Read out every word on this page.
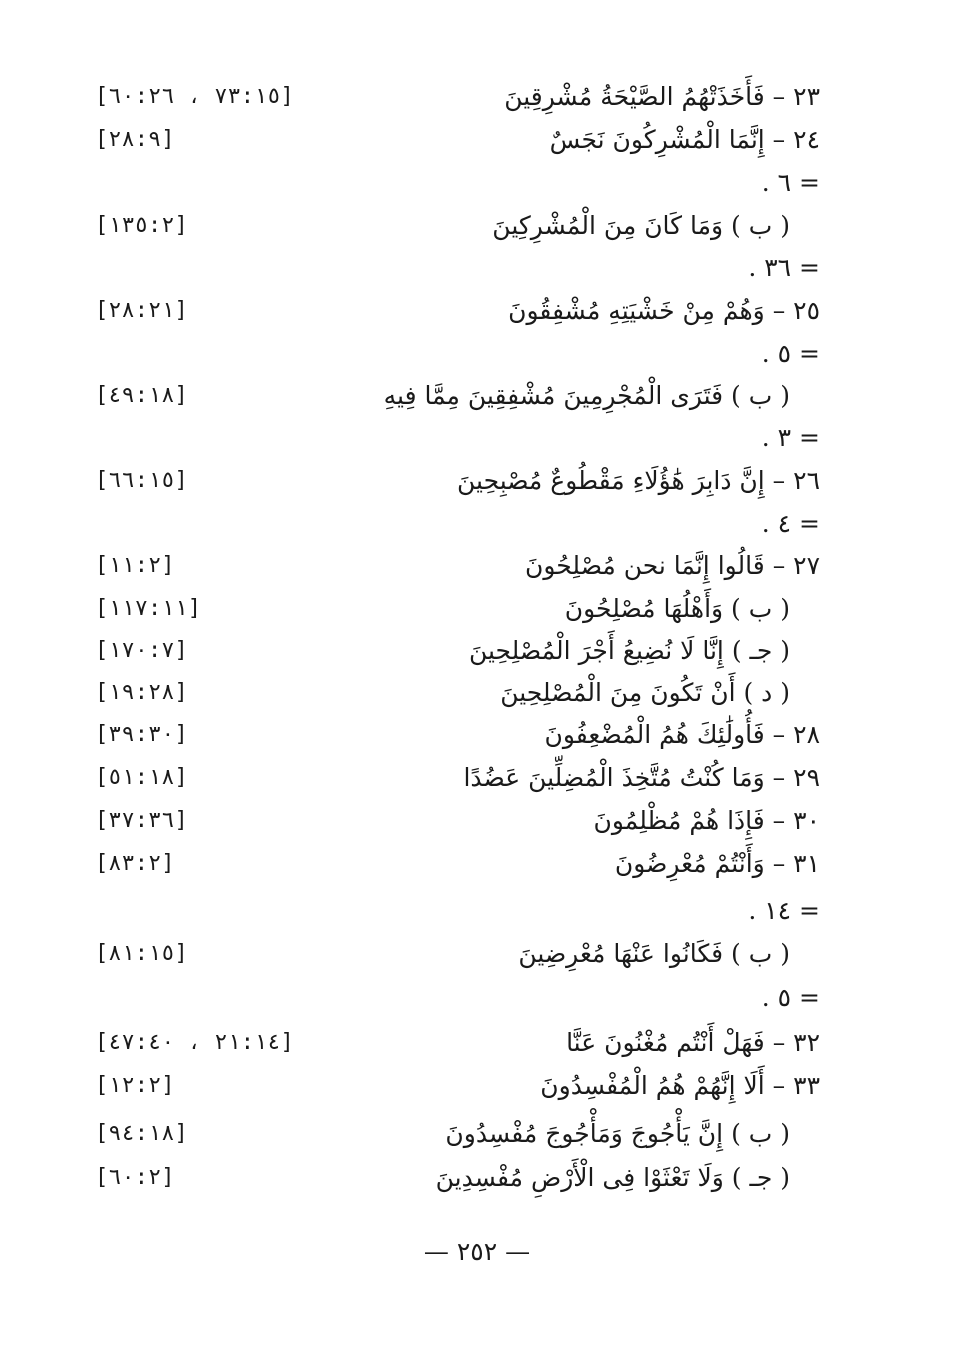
٢٣ – فَأَخَذَتْهُمُ الصَّيْحَةُ مُشْرِقِينَ
[٧٣:١٥ ، ٦٠:٢٦]
٢٤ – إِنَّمَا الْمُشْرِكُونَ نَجَسٌ
[٢٨:٩]
= ٦ .
( ب ) وَمَا كَانَ مِنَ الْمُشْرِكِينَ
[١٣٥:٢]
= ٣٦ .
٢٥ – وَهُمْ مِنْ خَشْيَتِهِ مُشْفِقُونَ
[٢٨:٢١]
= ٥ .
( ب ) فَتَرَى الْمُجْرِمِينَ مُشْفِقِينَ مِمَّا فِيهِ
[٤٩:١٨]
= ٣ .
٢٦ – إِنَّ دَابِرَ هَٰؤُلَاءِ مَقْطُوعٌ مُصْبِحِينَ
[٦٦:١٥]
= ٤ .
٢٧ – قَالُوا إِنَّمَا نحن مُصْلِحُونَ
[١١:٢]
( ب ) وَأَهْلُهَا مُصْلِحُونَ
[١١٧:١١]
( جـ ) إِنَّا لَا نُضِيعُ أَجْرَ الْمُصْلِحِينَ
[١٧٠:٧]
( د ) أَنْ تَكُونَ مِنَ الْمُصْلِحِينَ
[١٩:٢٨]
٢٨ – فَأُولَٰئِكَ هُمُ الْمُضْعِفُونَ
[٣٩:٣٠]
٢٩ – وَمَا كُنْتُ مُتَّخِذَ الْمُضِلِّينَ عَضُدًا
[٥١:١٨]
٣٠ – فَإِذَا هُمْ مُظْلِمُونَ
[٣٧:٣٦]
٣١ – وَأَنْتُمْ مُعْرِضُونَ
[٨٣:٢]
= ١٤ .
( ب ) فَكَانُوا عَنْهَا مُعْرِضِينَ
[٨١:١٥]
= ٥ .
٣٢ – فَهَلْ أَنْتُم مُغْنُونَ عَنَّا
[٢١:١٤ ، ٤٧:٤٠]
٣٣ – أَلَا إِنَّهُمْ هُمُ الْمُفْسِدُونَ
[١٢:٢]
( ب ) إِنَّ يَأْجُوجَ وَمَأْجُوجَ مُفْسِدُونَ
[٩٤:١٨]
( جـ ) وَلَا تَعْثَوْا فِى الْأَرْضِ مُفْسِدِينَ
[٦٠:٢]
— ٢٥٢ —
